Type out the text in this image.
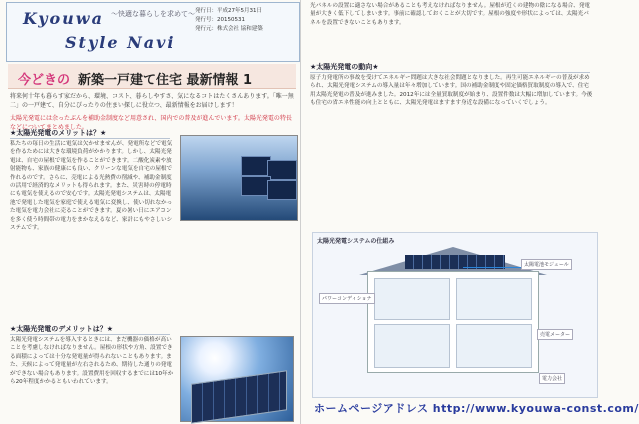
Kyouwa 〜快適な暮らしを求めて〜
Style Navi
発行日：平成27年5月31日
発行号：20150531
発行元：株式会社 協和建築
今どきの 新築一戸建て住宅 最新情報 1
将来何十年も暮らす家だから、環境、コスト、暮らしやすさ、気になるコトはたくさんあります。「唯一無二」の一戸建て、自分にぴったりの住まい探しに役立つ、最新情報をお届けします！
太陽光発電には余ったぶんを補助金制度など用意され、国内での普及が進んでいます。太陽光発電の特長などについてまとめました。
★太陽光発電のメリットは？★
私たちの毎日の生活に電気は欠かせませんが、発電所などで電気を作るためには大きな環境負荷がかかります。しかし、太陽光発電は、自宅の屋根で電気を作ることができます。二酸化炭素や放射能物も、家族の健康にも良い、クリーンな電気を自宅の屋根で作れるのです。さらに、売電による光熱費の削減や、補助金制度の活用で経済的なメリットも得られます。また、災害時の停電時にも電気を使えるので安心です。太陽光発電システムは、太陽電池で発電した電気を家庭で使える電気に変換し、使い切れなかった電気を電力会社に売ることができます。夏の暑い日にエアコンを多く使う時間帯の電力をまかなえるなど、家計にもやさしいシステムです。
★太陽光発電のデメリットは？★
太陽光発電システムを導入するときには、まだ機器の価格が高いことを考慮しなければなりません。屋根の形状や方角、設置できる面積によっては十分な発電量が得られないこともあります。また、天候によって発電量が左右されるため、期待した通りの発電ができない場合もあります。設置費用を回収するまでには10年から20年程度かかるともいわれています。
光パネルの設置に適さない場合があることも考えなければなりません。屋根が近くの建物の陰になる場合、発電量が大きく低下してしまいます。事前に確認しておくことが大切です。屋根の強度や形状によっては、太陽光パネルを設置できないこともあります。
★太陽光発電の動向★
原子力発電所の事故を受けてエネルギー問題は大きな社会問題となりました。再生可能エネルギーの普及が求められ、太陽光発電システムの導入量は年々増加しています。国の補助金制度や固定価格買取制度の導入で、住宅用太陽光発電の普及が進みました。2012年には全量買取制度が始まり、設置件数は大幅に増加しています。今後も住宅の省エネ性能の向上とともに、太陽光発電はますます身近な設備になっていくでしょう。
太陽光発電システムの仕組み
太陽電池モジュール
パワーコンディショナ
売電メーター
電力会社
ホームページアドレス http://www.kyouwa-const.com/
